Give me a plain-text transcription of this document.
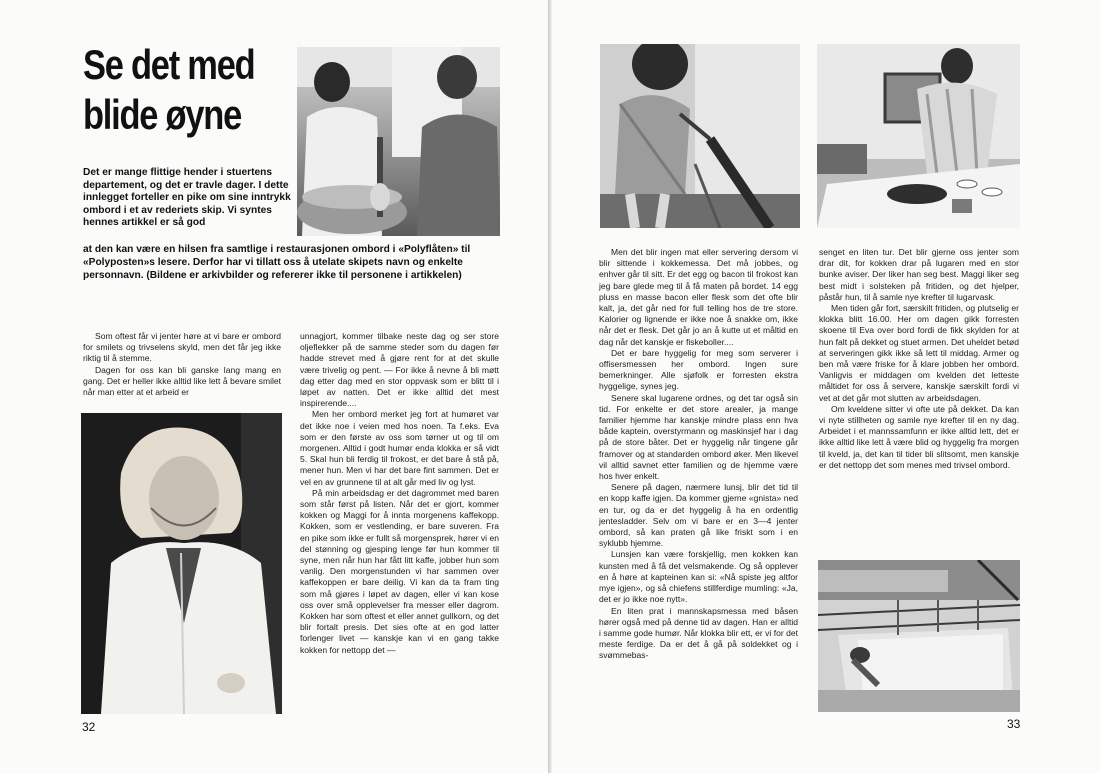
Se det med
blide øyne

Det er mange flittige hender i stuertens departement, og det er travle dager. I dette innlegget forteller en pike om sine inntrykk ombord i et av rederiets skip. Vi syntes hennes artikkel er så god

at den kan være en hilsen fra samtlige i restaurasjonen ombord i «Polyflåten» til «Polyposten»s lesere. Derfor har vi tillatt oss å utelate skipets navn og enkelte personnavn. (Bildene er arkivbilder og refererer ikke til personene i artikkelen)

Som oftest får vi jenter høre at vi bare er ombord for smilets og trivselens skyld, men det får jeg ikke riktig til å stemme.

Dagen for oss kan bli ganske lang mang en gang. Det er heller ikke alltid like lett å bevare smilet når man etter at et arbeid er

unnagjort, kommer tilbake neste dag og ser store oljeflekker på de samme steder som du dagen før hadde strevet med å gjøre rent for at det skulle være trivelig og pent. — For ikke å nevne å bli møtt dag etter dag med en stor oppvask som er blitt til i løpet av natten. Det er ikke alltid det mest inspirerende....

Men her ombord merket jeg fort at humøret var det ikke noe i veien med hos noen. Ta f.eks. Eva som er den første av oss som tørner ut og til om morgenen. Alltid i godt humør enda klokka er så vidt 5. Skal hun bli ferdig til frokost, er det bare å stå på, mener hun. Men vi har det bare fint sammen. Det er vel en av grunnene til at alt går med liv og lyst.

På min arbeidsdag er det dagrommet med baren som står først på listen. Når det er gjort, kommer kokken og Maggi for å innta morgenens kaffekopp. Kokken, som er vestlending, er bare suveren. Fra en pike som ikke er fullt så morgensprek, hører vi en del stønning og gjesping lenge før hun kommer til syne, men når hun har fått litt kaffe, jobber hun som vanlig. Den morgenstunden vi har sammen over kaffekoppen er bare deilig. Vi kan da ta fram ting som må gjøres i løpet av dagen, eller vi kan kose oss over små opplevelser fra messer eller dagrom. Kokken har som oftest et eller annet gullkorn, og det blir fortalt presis. Det sies ofte at en god latter forlenger livet — kanskje kan vi en gang takke kokken for nettopp det —

32

Men det blir ingen mat eller servering dersom vi blir sittende i kokkemessa. Det må jobbes, og enhver går til sitt. Er det egg og bacon til frokost kan jeg bare glede meg til å få maten på bordet. 14 egg pluss en masse bacon eller flesk som det ofte blir kalt, ja, det går ned for full telling hos de tre store. Kalorier og lignende er ikke noe å snakke om, ikke når det er flesk. Det går jo an å kutte ut et måltid en dag når det kanskje er fiskeboller....

Det er bare hyggelig for meg som serverer i offisersmessen her ombord. Ingen sure bemerkninger. Alle sjøfolk er forresten ekstra hyggelige, synes jeg.

Senere skal lugarene ordnes, og det tar også sin tid. For enkelte er det store arealer, ja mange familier hjemme har kanskje mindre plass enn hva både kaptein, overstyrmann og maskinsjef har i dag på de store båter. Det er hyggelig når tingene går framover og at standarden ombord øker. Men likevel vil alltid savnet etter familien og de hjemme være hos hver enkelt.

Senere på dagen, nærmere lunsj, blir det tid til en kopp kaffe igjen. Da kommer gjerne «gnista» ned en tur, og da er det hyggelig å ha en ordentlig jentesladder. Selv om vi bare er en 3—4 jenter ombord, så kan praten gå like friskt som i en syklubb hjemme.

Lunsjen kan være forskjellig, men kokken kan kunsten med å få det velsmakende. Og så opplever en å høre at kapteinen kan si: «Nå spiste jeg altfor mye igjen», og så chiefens stillferdige mumling: «Ja, det er jo ikke noe nytt».

En liten prat i mannskapsmessa med båsen hører også med på denne tid av dagen. Han er alltid i samme gode humør. Når klokka blir ett, er vi for det meste ferdige. Da er det å gå på soldekket og i svømmebas-

senget en liten tur. Det blir gjerne oss jenter som drar dit, for kokken drar på lugaren med en stor bunke aviser. Der liker han seg best. Maggi liker seg best midt i solsteken på fritiden, og det hjelper, påstår hun, til å samle nye krefter til lugarvask.

Men tiden går fort, særskilt fritiden, og plutselig er klokka blitt 16.00. Her om dagen gikk forresten skoene til Eva over bord fordi de fikk skylden for at hun falt på dekket og stuet armen. Det uheldet betød at serveringen gikk ikke så lett til middag. Armer og ben må være friske for å klare jobben her ombord. Vanligvis er middagen om kvelden det letteste måltidet for oss å servere, kanskje særskilt fordi vi vet at det går mot slutten av arbeidsdagen.

Om kveldene sitter vi ofte ute på dekket. Da kan vi nyte stillheten og samle nye krefter til en ny dag. Arbeidet i et mannssamfunn er ikke alltid lett, det er ikke alltid like lett å være blid og hyggelig fra morgen til kveld, ja, det kan til tider bli slitsomt, men kanskje er det nettopp det som menes med trivsel ombord.

33
